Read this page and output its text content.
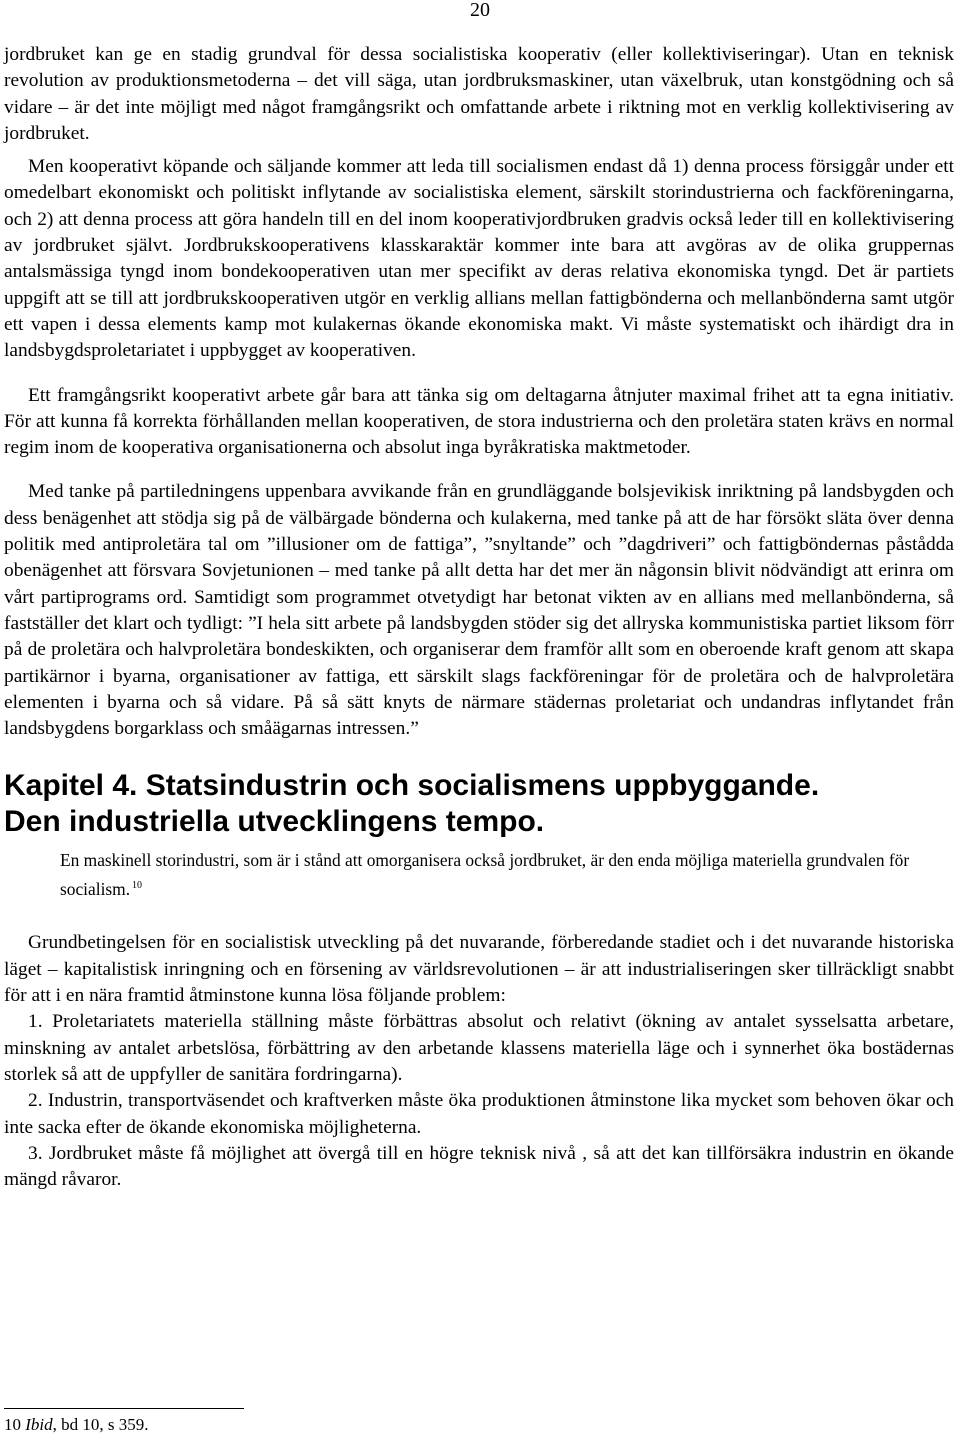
20

jordbruket kan ge en stadig grundval för dessa socialistiska kooperativ (eller kollektiviseringar). Utan en teknisk revolution av produktionsmetoderna – det vill säga, utan jordbruksmaskiner, utan växelbruk, utan konstgödning och så vidare – är det inte möjligt med något framgångsrikt och omfattande arbete i riktning mot en verklig kollektivisering av jordbruket.

Men kooperativt köpande och säljande kommer att leda till socialismen endast då 1) denna process försiggår under ett omedelbart ekonomiskt och politiskt inflytande av socialistiska element, särskilt storindustrierna och fackföreningarna, och 2) att denna process att göra handeln till en del inom kooperativjordbruken gradvis också leder till en kollektivisering av jordbruket självt. Jordbrukskooperativens klasskaraktär kommer inte bara att avgöras av de olika gruppernas antalsmässiga tyngd inom bondekooperativen utan mer specifikt av deras relativa ekonomiska tyngd. Det är partiets uppgift att se till att jordbrukskooperativen utgör en verklig allians mellan fattigbönderna och mellanbönderna samt utgör ett vapen i dessa elements kamp mot kulakernas ökande ekonomiska makt. Vi måste systematiskt och ihärdigt dra in landsbygdsproletariatet i uppbygget av kooperativen.

Ett framgångsrikt kooperativt arbete går bara att tänka sig om deltagarna åtnjuter maximal frihet att ta egna initiativ. För att kunna få korrekta förhållanden mellan kooperativen, de stora industrierna och den proletära staten krävs en normal regim inom de kooperativa organisationerna och absolut inga byråkratiska maktmetoder.

Med tanke på partiledningens uppenbara avvikande från en grundläggande bolsjevikisk inriktning på landsbygden och dess benägenhet att stödja sig på de välbärgade bönderna och kulakerna, med tanke på att de har försökt släta över denna politik med antiproletära tal om ”illusioner om de fattiga”, ”snyltande” och ”dagdriveri” och fattigböndernas påstådda obenägenhet att försvara Sovjetunionen – med tanke på allt detta har det mer än någonsin blivit nödvändigt att erinra om vårt partiprograms ord. Samtidigt som programmet otvetydigt har betonat vikten av en allians med mellanbönderna, så fastställer det klart och tydligt: ”I hela sitt arbete på landsbygden stöder sig det allryska kommunistiska partiet liksom förr på de proletära och halvproletära bondeskikten, och organiserar dem framför allt som en oberoende kraft genom att skapa partikärnor i byarna, organisationer av fattiga, ett särskilt slags fackföreningar för de proletära och de halvproletära elementen i byarna och så vidare. På så sätt knyts de närmare städernas proletariat och undandras inflytandet från landsbygdens borgarklass och småägarnas intressen.”

Kapitel 4. Statsindustrin och socialismens uppbyggande.
Den industriella utvecklingens tempo.

En maskinell storindustri, som är i stånd att omorganisera också jordbruket, är den enda möjliga materiella grundvalen för socialism. $^{10}$

Grundbetingelsen för en socialistisk utveckling på det nuvarande, förberedande stadiet och i det nuvarande historiska läget – kapitalistisk inringning och en försening av världsrevolutionen – är att industrialiseringen sker tillräckligt snabbt för att i en nära framtid åtminstone kunna lösa följande problem:

1. Proletariatets materiella ställning måste förbättras absolut och relativt (ökning av antalet sysselsatta arbetare, minskning av antalet arbetslösa, förbättring av den arbetande klassens materiella läge och i synnerhet öka bostädernas storlek så att de uppfyller de sanitära fordringarna).

2. Industrin, transportväsendet och kraftverken måste öka produktionen åtminstone lika mycket som behoven ökar och inte sacka efter de ökande ekonomiska möjligheterna.

3. Jordbruket måste få möjlighet att övergå till en högre teknisk nivå , så att det kan tillförsäkra industrin en ökande mängd råvaror.

10 Ibid, bd 10, s 359.
